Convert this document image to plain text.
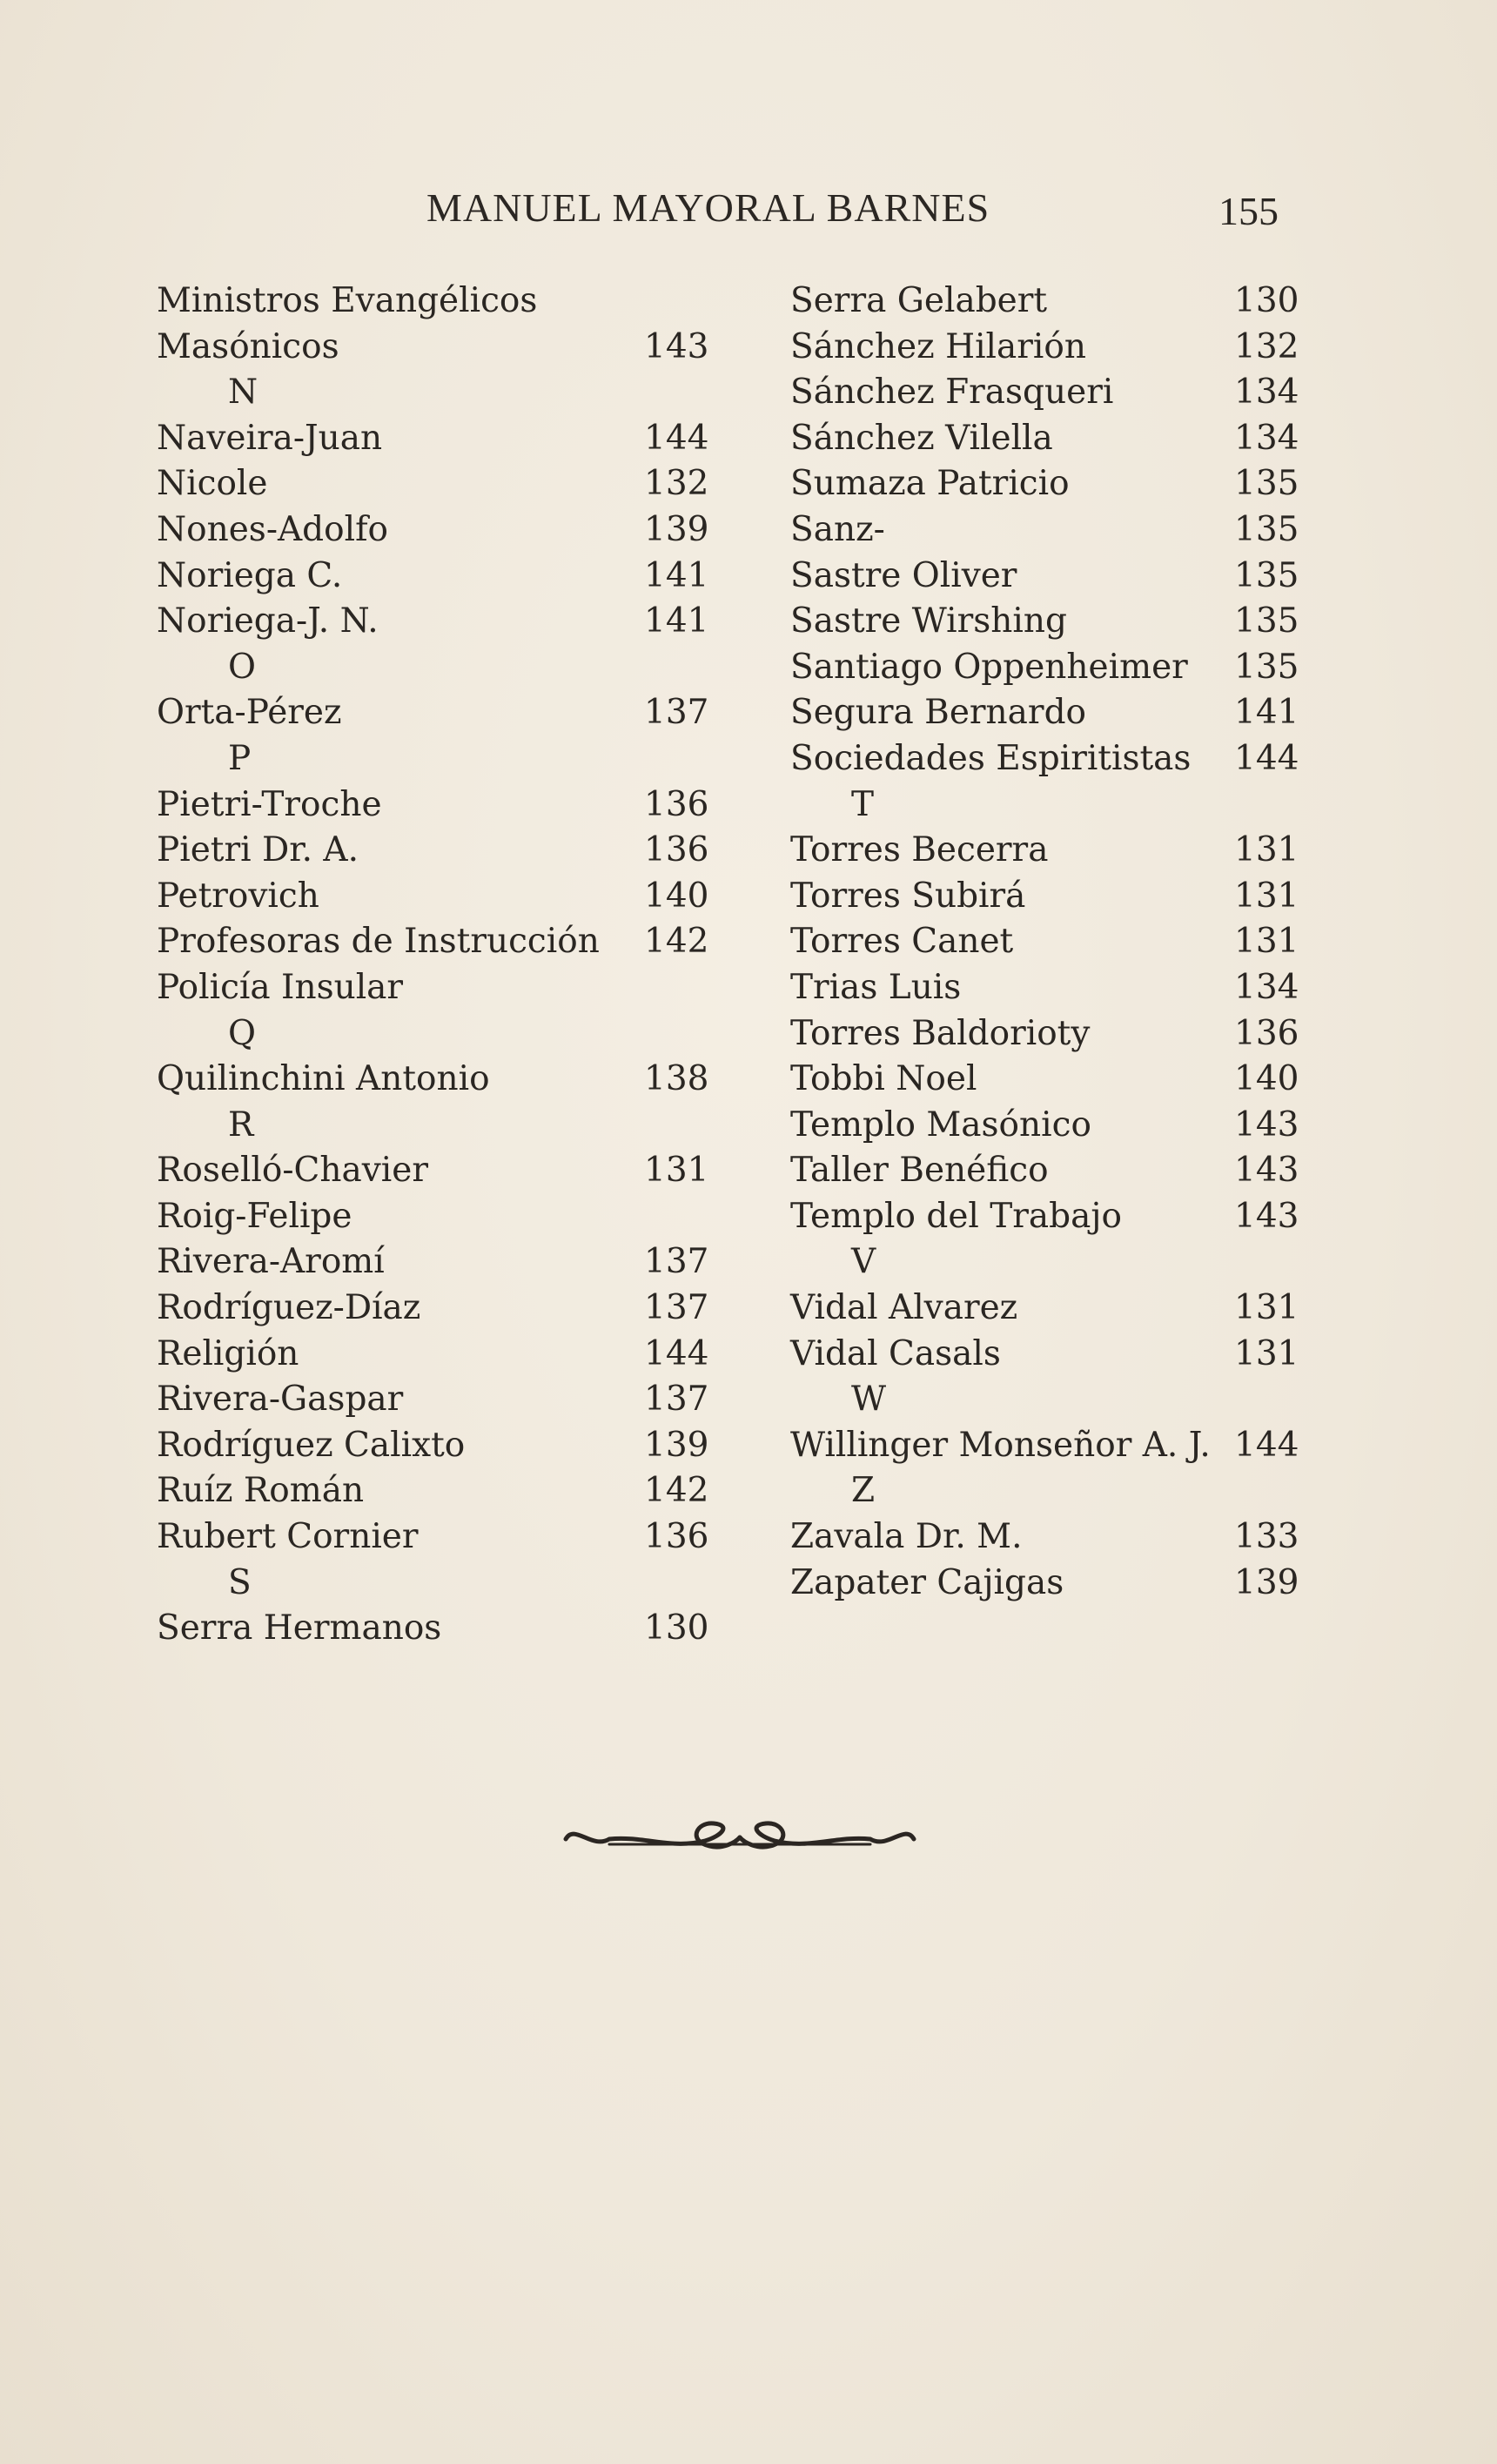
MANUEL MAYORAL BARNES	155
Ministros Evangélicos
Masónicos	143
N
Naveira-Juan	144
Nicole	132
Nones-Adolfo	139
Noriega C.	141
Noriega-J. N.	141
O
Orta-Pérez	137
P
Pietri-Troche	136
Pietri Dr. A.	136
Petrovich	140
Profesoras de Instrucción 142
Policía Insular
Q
Quilinchini Antonio	138
R
Roselló-Chavier	131
Roig-Felipe
Rivera-Aromí	137
Rodríguez-Díaz	137
Religión	144
Rivera-Gaspar	137
Rodríguez Calixto	139
Ruíz Román	142
Rubert Cornier	136
S
Serra Hermanos	130
Serra Gelabert	130
Sánchez Hilarión	132
Sánchez Frasqueri	134
Sánchez Vilella	134
Sumaza Patricio	135
Sanz-	135
Sastre Oliver	135
Sastre Wirshing	135
Santiago Oppenheimer 135
Segura Bernardo	141
Sociedades Espiritistas 144
T
Torres Becerra	131
Torres Subirá	131
Torres Canet	131
Trias Luis	134
Torres Baldorioty	136
Tobbi Noel	140
Templo Masónico	143
Taller Benéfico	143
Templo del Trabajo	143
V
Vidal Alvarez	131
Vidal Casals	131
W
Willinger Monseñor A. J. 144
Z
Zavala Dr. M.	133
Zapater Cajigas	139
